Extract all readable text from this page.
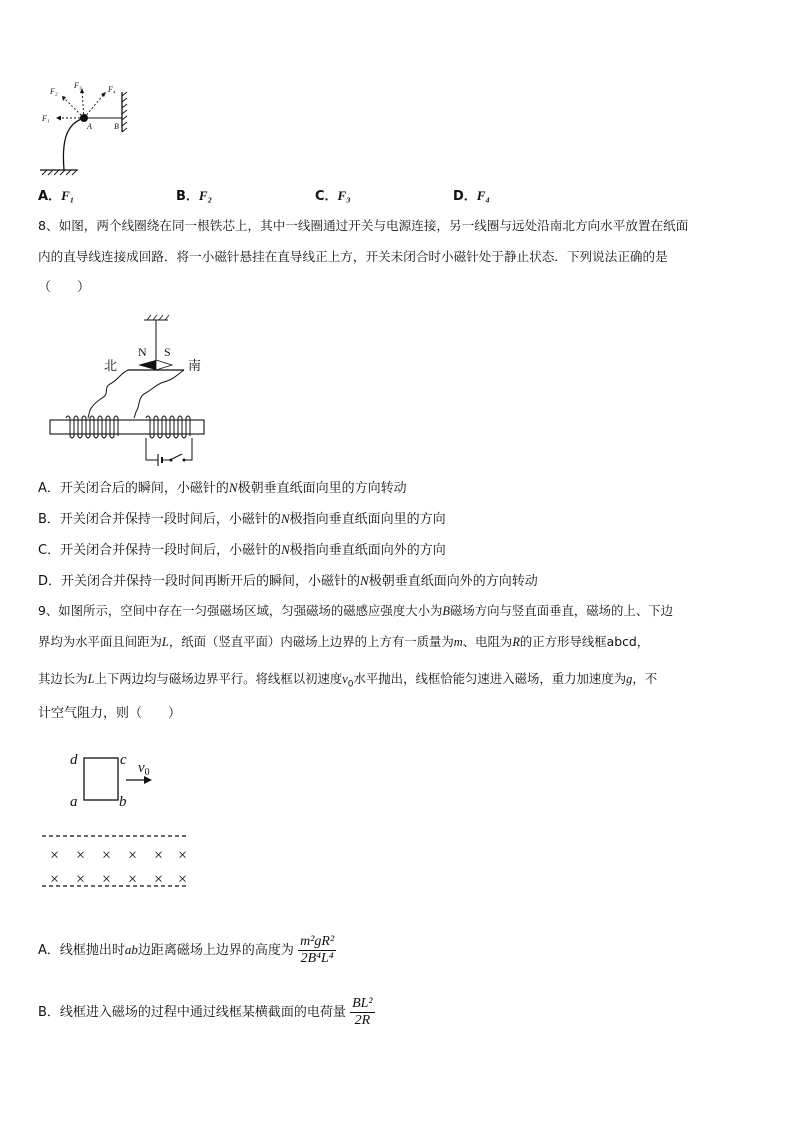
F₁
F₂
F₃	F₄
A	B
A．F₁	B．F₂	C．F₃	D．F₄
8、如图，两个线圈绕在同一根铁芯上，其中一线圈通过开关与电源连接，另一线圈与远处沿南北方向水平放置在纸面
内的直导线连接成回路．将一小磁针悬挂在直导线正上方，开关未闭合时小磁针处于静止状态．下列说法正确的是
（　　）
N S
北	南
A．开关闭合后的瞬间，小磁针的N极朝垂直纸面向里的方向转动
B．开关闭合并保持一段时间后，小磁针的N极指向垂直纸面向里的方向
C．开关闭合并保持一段时间后，小磁针的N极指向垂直纸面向外的方向
D．开关闭合并保持一段时间再断开后的瞬间，小磁针的N极朝垂直纸面向外的方向转动
9、如图所示，空间中存在一匀强磁场区域，匀强磁场的磁感应强度大小为B磁场方向与竖直面垂直，磁场的上、下边
界均为水平面且间距为L，纸面（竖直平面）内磁场上边界的上方有一质量为m、电阻为R的正方形导线框abcd，
其边长为L上下两边均与磁场边界平行。将线框以初速度$v_0$水平抛出，线框恰能匀速进入磁场，重力加速度为g，不
计空气阻力，则（　　）
d	c
a	b
$v_0$
× × × × × ×
× × × × × ×
A．线框抛出时ab边距离磁场上边界的高度为 $\frac{\text{m²gR²}}{\text{2B⁴L⁴}}$
B．线框进入磁场的过程中通过线框某横截面的电荷量 $\frac{\text{BL²}}{2R}$
